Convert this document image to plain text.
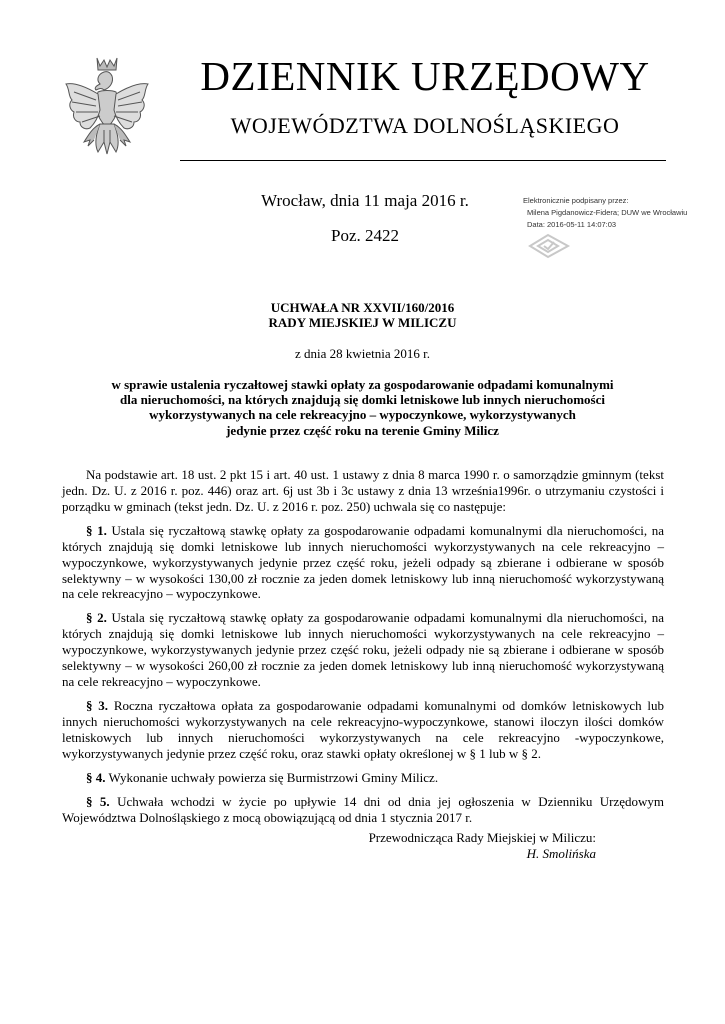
DZIENNIK URZĘDOWY
WOJEWÓDZTWA DOLNOŚLĄSKIEGO
Wrocław, dnia 11 maja 2016 r.
Poz. 2422
Elektronicznie podpisany przez:
Milena Pigdanowicz-Fidera; DUW we Wrocławiu
Data: 2016-05-11 14:07:03
UCHWAŁA NR XXVII/160/2016
RADY MIEJSKIEJ W MILICZU
z dnia 28 kwietnia 2016 r.
w sprawie ustalenia ryczałtowej stawki opłaty za gospodarowanie odpadami komunalnymi
dla nieruchomości, na których znajdują się domki letniskowe lub innych nieruchomości
wykorzystywanych na cele rekreacyjno – wypoczynkowe, wykorzystywanych
jedynie przez część roku na terenie Gminy Milicz

Na podstawie art. 18 ust. 2 pkt 15 i art. 40 ust. 1 ustawy z dnia 8 marca 1990 r. o samorządzie gminnym (tekst jedn. Dz. U. z 2016 r. poz. 446) oraz art. 6j ust 3b i 3c ustawy z dnia 13 września1996r. o utrzymaniu czystości i porządku w gminach (tekst jedn. Dz. U. z 2016 r. poz. 250) uchwala się co następuje:

§ 1. Ustala się ryczałtową stawkę opłaty za gospodarowanie odpadami komunalnymi dla nieruchomości, na których znajdują się domki letniskowe lub innych nieruchomości wykorzystywanych na cele rekreacyjno – wypoczynkowe, wykorzystywanych jedynie przez część roku, jeżeli odpady są zbierane i odbierane w sposób selektywny – w wysokości 130,00 zł rocznie za jeden domek letniskowy lub inną nieruchomość wykorzystywaną na cele rekreacyjno – wypoczynkowe.

§ 2. Ustala się ryczałtową stawkę opłaty za gospodarowanie odpadami komunalnymi dla nieruchomości, na których znajdują się domki letniskowe lub innych nieruchomości wykorzystywanych na cele rekreacyjno – wypoczynkowe, wykorzystywanych jedynie przez część roku, jeżeli odpady nie są zbierane i odbierane w sposób selektywny – w wysokości 260,00 zł rocznie za jeden domek letniskowy lub inną nieruchomość wykorzystywaną na cele rekreacyjno – wypoczynkowe.

§ 3. Roczna ryczałtowa opłata za gospodarowanie odpadami komunalnymi od domków letniskowych lub innych nieruchomości wykorzystywanych na cele rekreacyjno-wypoczynkowe, stanowi iloczyn ilości domków letniskowych lub innych nieruchomości wykorzystywanych na cele rekreacyjno -wypoczynkowe, wykorzystywanych jedynie przez część roku, oraz stawki opłaty określonej w § 1 lub w § 2.

§ 4. Wykonanie uchwały powierza się Burmistrzowi Gminy Milicz.

§ 5. Uchwała wchodzi w życie po upływie 14 dni od dnia jej ogłoszenia w Dzienniku Urzędowym Województwa Dolnośląskiego z mocą obowiązującą od dnia 1 stycznia 2017 r.

Przewodnicząca Rady Miejskiej w Miliczu:
H. Smolińska
